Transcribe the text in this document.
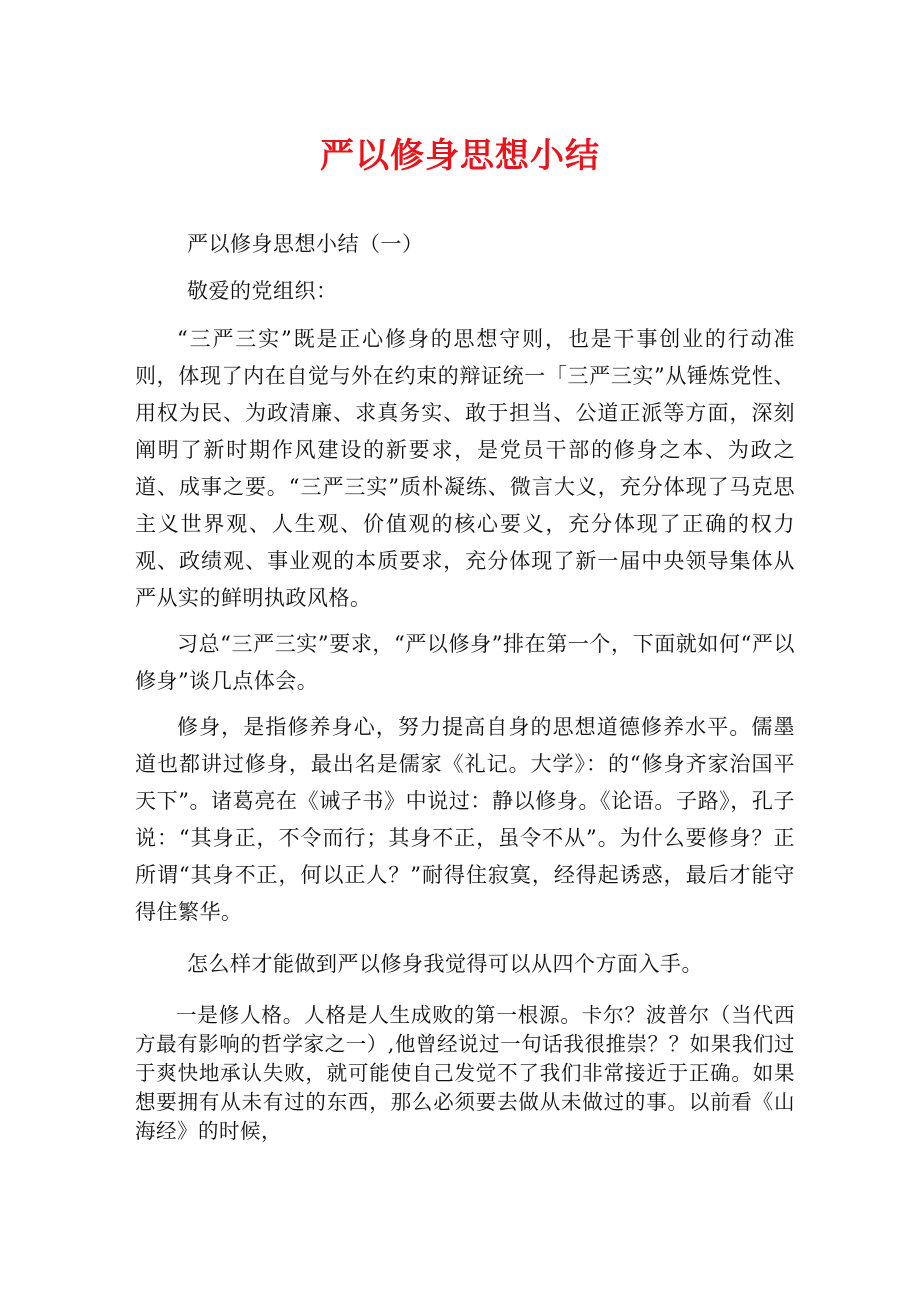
严以修身思想小结

严以修身思想小结（一）

敬爱的党组织：

“三严三实”既是正心修身的思想守则，也是干事创业的行动准则，体现了内在自觉与外在约束的辩证统一「三严三实”从锤炼党性、用权为民、为政清廉、求真务实、敢于担当、公道正派等方面，深刻阐明了新时期作风建设的新要求，是党员干部的修身之本、为政之道、成事之要。“三严三实”质朴凝练、微言大义，充分体现了马克思主义世界观、人生观、价值观的核心要义，充分体现了正确的权力观、政绩观、事业观的本质要求，充分体现了新一届中央领导集体从严从实的鲜明执政风格。

习总“三严三实”要求，“严以修身”排在第一个，下面就如何“严以修身”谈几点体会。

修身，是指修养身心，努力提高自身的思想道德修养水平。儒墨道也都讲过修身，最出名是儒家《礼记。大学》：的“修身齐家治国平天下”。诸葛亮在《诫子书》中说过：静以修身。《论语。子路》，孔子说：“其身正，不令而行；其身不正，虽令不从”。为什么要修身？正所谓“其身不正，何以正人？”耐得住寂寞，经得起诱惑，最后才能守得住繁华。

怎么样才能做到严以修身我觉得可以从四个方面入手。

一是修人格。人格是人生成败的第一根源。卡尔？波普尔（当代西方最有影响的哲学家之一）,他曾经说过一句话我很推崇？？如果我们过于爽快地承认失败，就可能使自己发觉不了我们非常接近于正确。如果想要拥有从未有过的东西，那么必须要去做从未做过的事。以前看《山海经》的时候，
